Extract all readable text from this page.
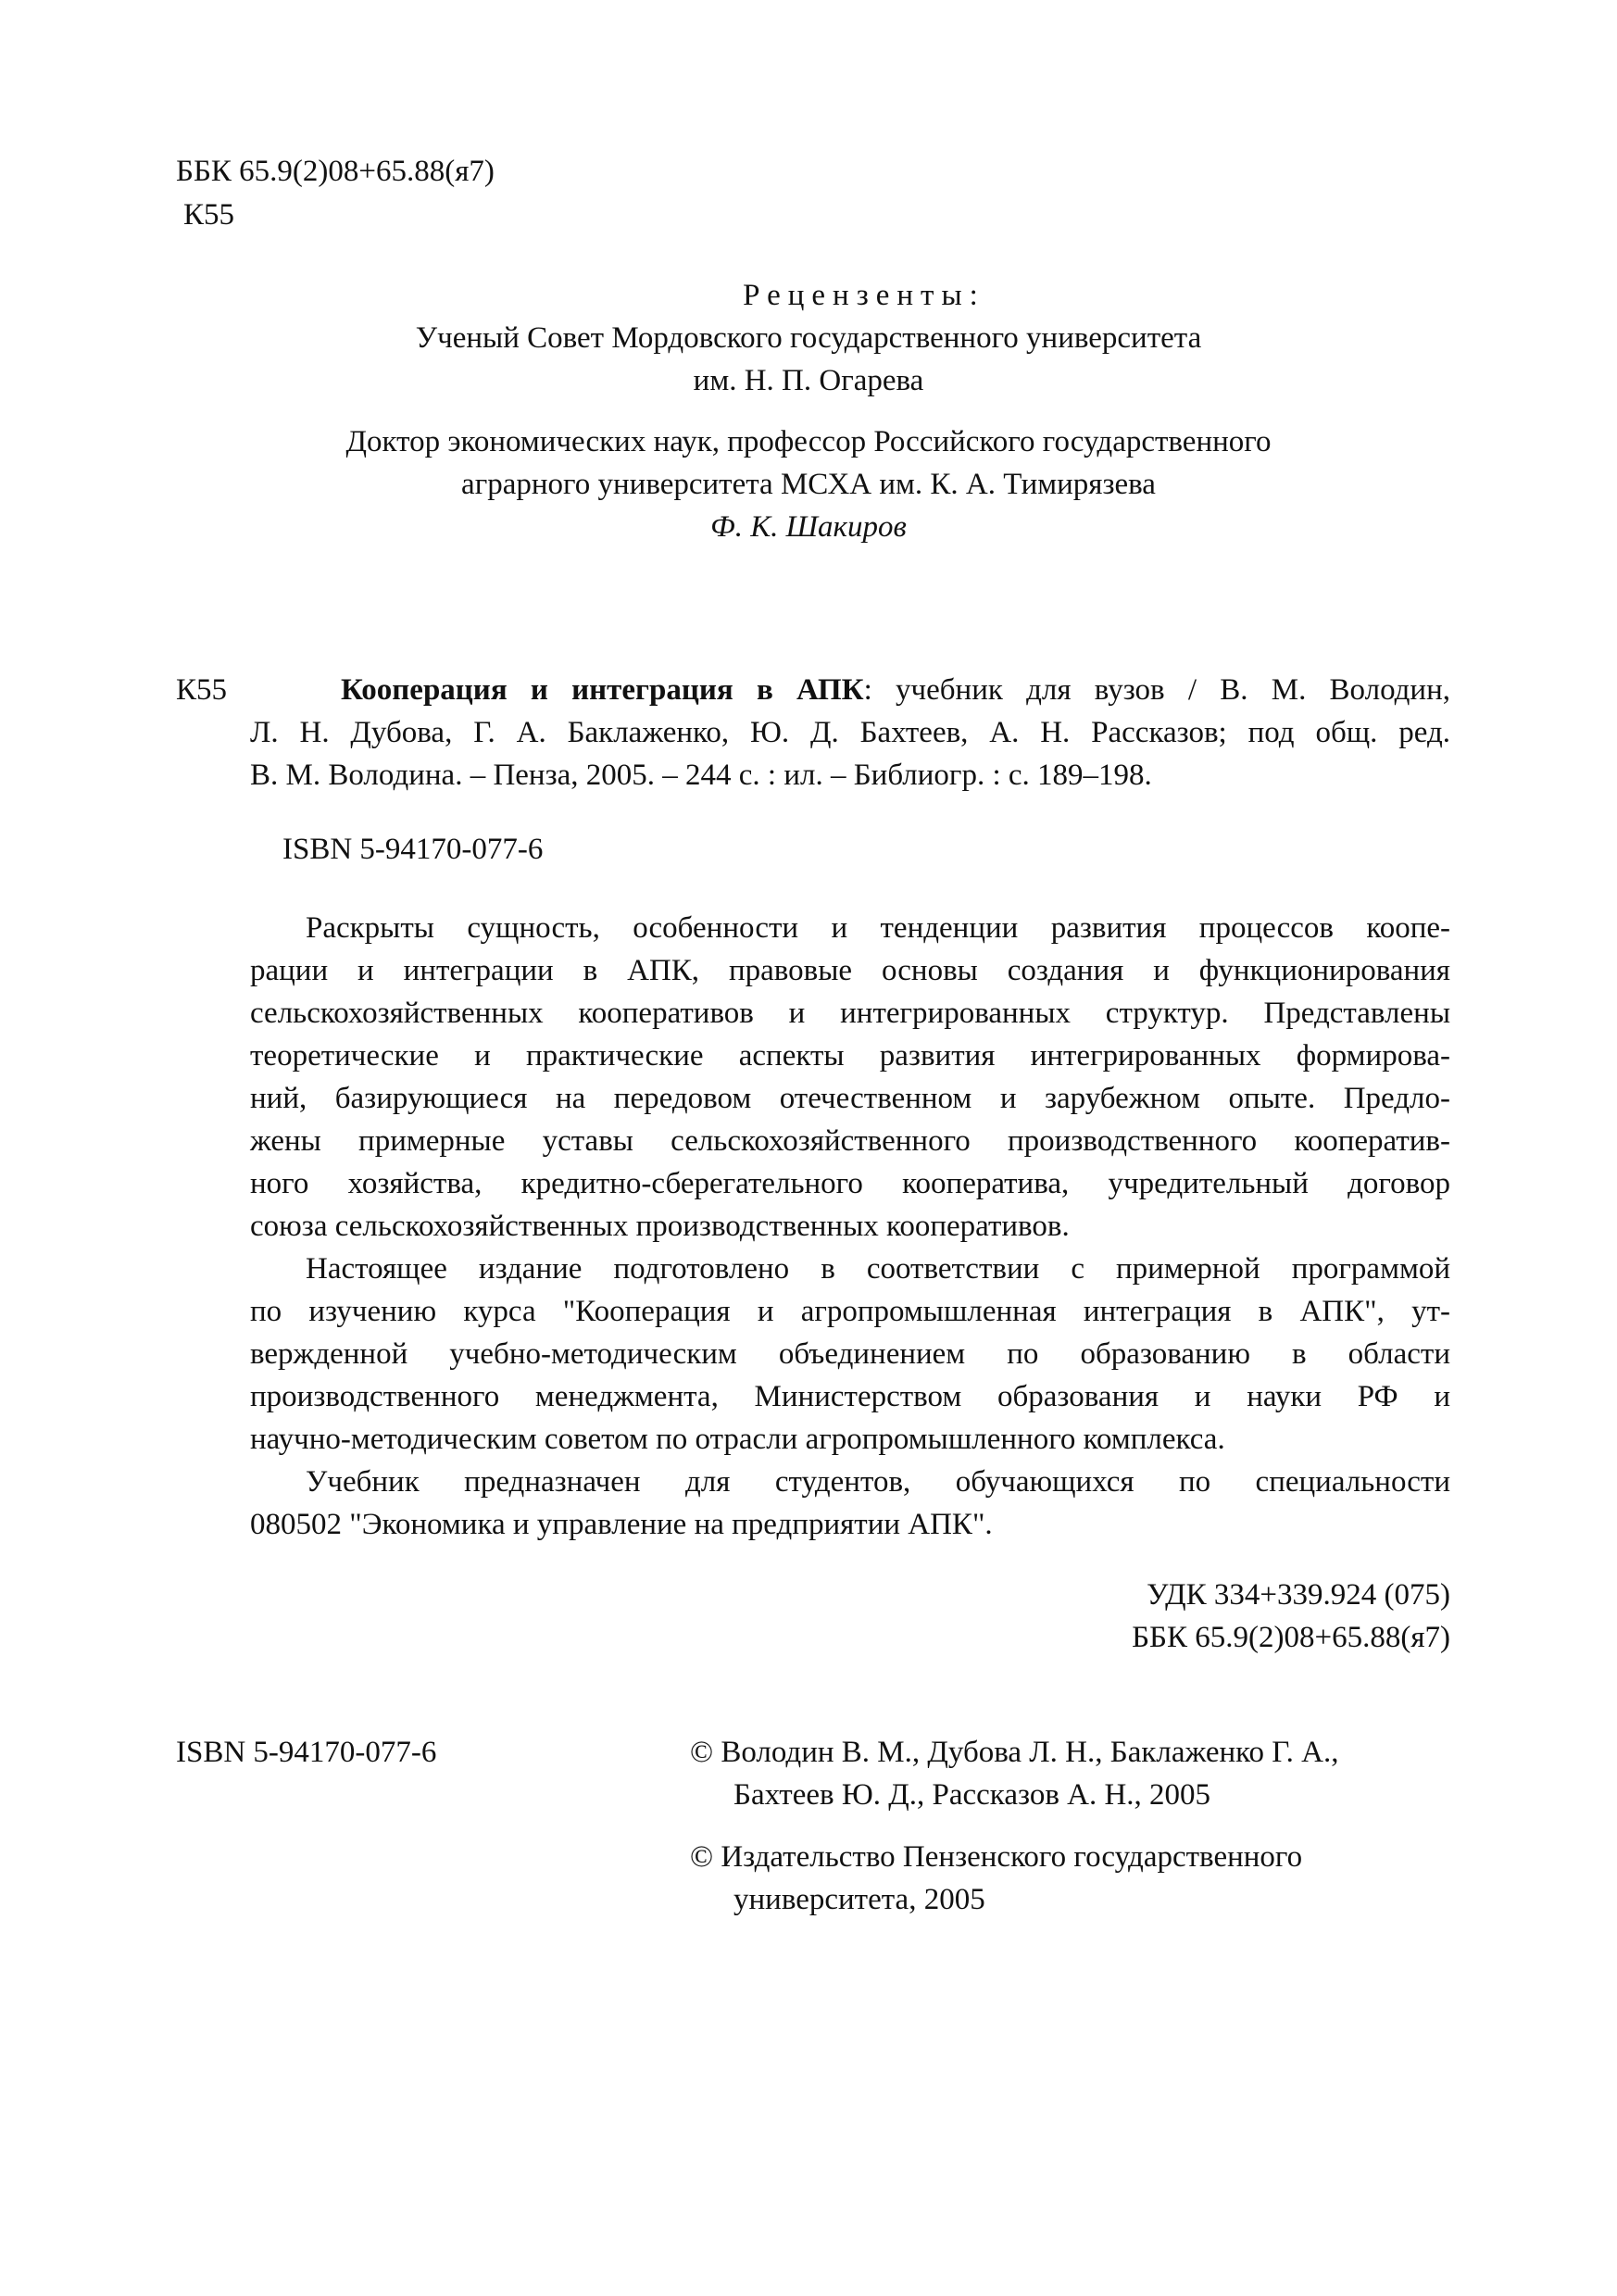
ББК 65.9(2)08+65.88(я7)
К55
Рецензенты:
Ученый Совет Мордовского государственного университета
им. Н. П. Огарева
Доктор экономических наук, профессор Российского государственного
аграрного университета МСХА им. К. А. Тимирязева
Ф. К. Шакиров
К55	Кооперация и интеграция в АПК: учебник для вузов / В. М. Володин,
Л. Н. Дубова, Г. А. Баклаженко, Ю. Д. Бахтеев, А. Н. Рассказов; под общ. ред.
В. М. Володина. – Пенза, 2005. – 244 с. : ил. – Библиогр. : с. 189–198.
ISBN 5-94170-077-6
Раскрыты сущность, особенности и тенденции развития процессов коопе-
рации и интеграции в АПК, правовые основы создания и функционирования
сельскохозяйственных кооперативов и интегрированных структур. Представлены
теоретические и практические аспекты развития интегрированных формирова-
ний, базирующиеся на передовом отечественном и зарубежном опыте. Предло-
жены примерные уставы сельскохозяйственного производственного кооператив-
ного хозяйства, кредитно-сберегательного кооператива, учредительный договор
союза сельскохозяйственных производственных кооперативов.
Настоящее издание подготовлено в соответствии с примерной программой
по изучению курса "Кооперация и агропромышленная интеграция в АПК", ут-
вержденной учебно-методическим объединением по образованию в области
производственного менеджмента, Министерством образования и науки РФ и
научно-методическим советом по отрасли агропромышленного комплекса.
Учебник предназначен для студентов, обучающихся по специальности
080502 "Экономика и управление на предприятии АПК".
УДК 334+339.924 (075)
ББК 65.9(2)08+65.88(я7)
ISBN 5-94170-077-6	© Володин В. М., Дубова Л. Н., Баклаженко Г. А.,
Бахтеев Ю. Д., Рассказов А. Н., 2005
© Издательство Пензенского государственного
университета, 2005
